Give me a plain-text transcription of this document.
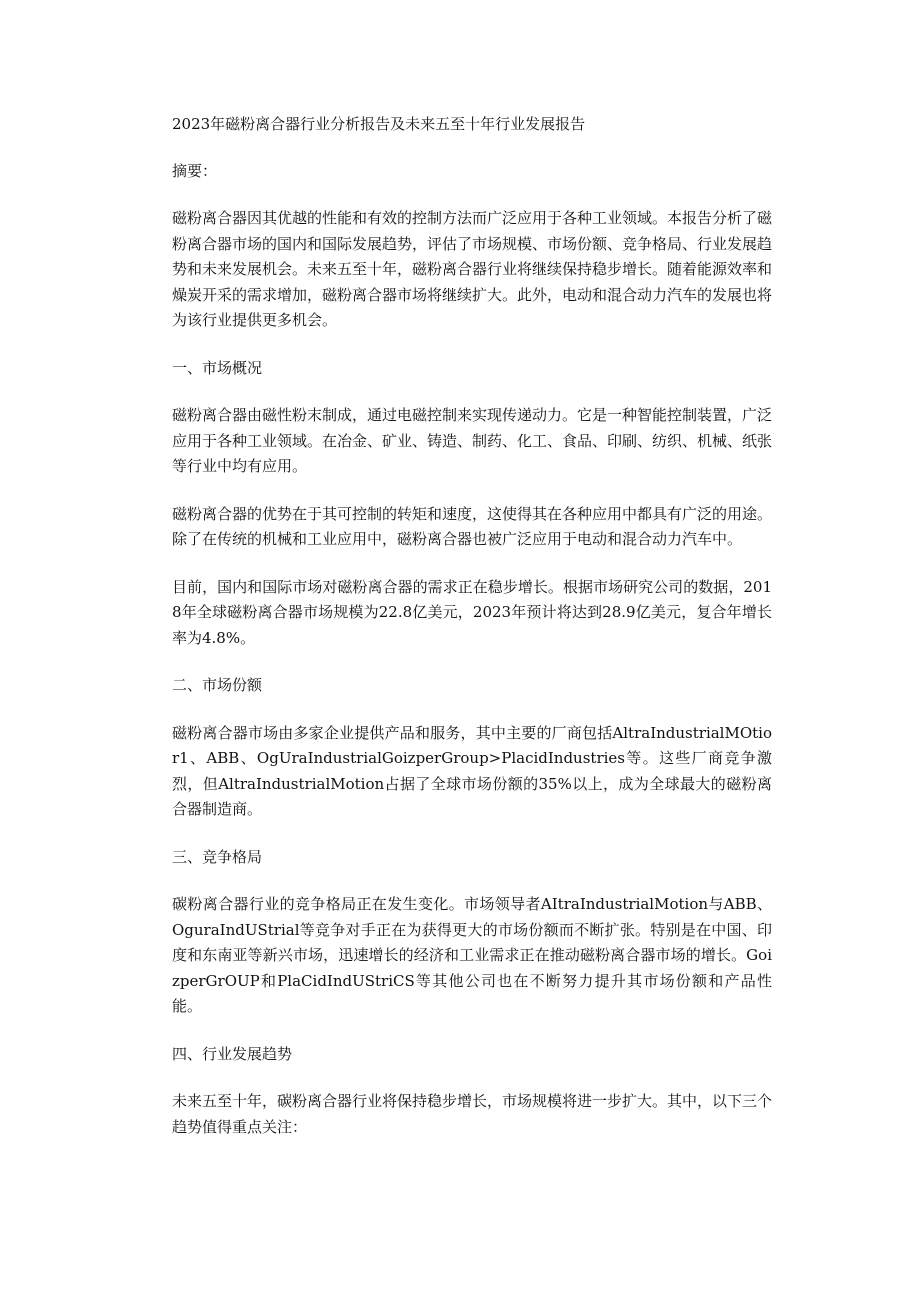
2023年磁粉离合器行业分析报告及未来五至十年行业发展报告
摘要：

磁粉离合器因其优越的性能和有效的控制方法而广泛应用于各种工业领域。本报告分析了磁粉离合器市场的国内和国际发展趋势，评估了市场规模、市场份额、竞争格局、行业发展趋势和未来发展机会。未来五至十年，磁粉离合器行业将继续保持稳步增长。随着能源效率和燥炭开采的需求增加，磁粉离合器市场将继续扩大。此外，电动和混合动力汽车的发展也将为该行业提供更多机会。

一、市场概况

磁粉离合器由磁性粉末制成，通过电磁控制来实现传递动力。它是一种智能控制装置，广泛应用于各种工业领域。在冶金、矿业、铸造、制药、化工、食品、印刷、纺织、机械、纸张等行业中均有应用。

磁粉离合器的优势在于其可控制的转矩和速度，这使得其在各种应用中都具有广泛的用途。除了在传统的机械和工业应用中，磁粉离合器也被广泛应用于电动和混合动力汽车中。

目前，国内和国际市场对磁粉离合器的需求正在稳步增长。根据市场研究公司的数据，2018年全球磁粉离合器市场规模为22.8亿美元，2023年预计将达到28.9亿美元，复合年增长率为4.8%。

二、市场份额

磁粉离合器市场由多家企业提供产品和服务，其中主要的厂商包括AltraIndustrialMOtior1、ABB、OgUraIndustrialGoizperGroup>PlacidIndustries等。这些厂商竞争激烈，但AltraIndustrialMotion占据了全球市场份额的35%以上，成为全球最大的磁粉离合器制造商。

三、竞争格局

碳粉离合器行业的竞争格局正在发生变化。市场领导者AItraIndustrialMotion与ABB、OguraIndUStrial等竞争对手正在为获得更大的市场份额而不断扩张。特别是在中国、印度和东南亚等新兴市场，迅速增长的经济和工业需求正在推动磁粉离合器市场的增长。GoizperGrOUP和PlaCidIndUStriCS等其他公司也在不断努力提升其市场份额和产品性能。

四、行业发展趋势

未来五至十年，碳粉离合器行业将保持稳步增长，市场规模将进一步扩大。其中，以下三个趋势值得重点关注：
